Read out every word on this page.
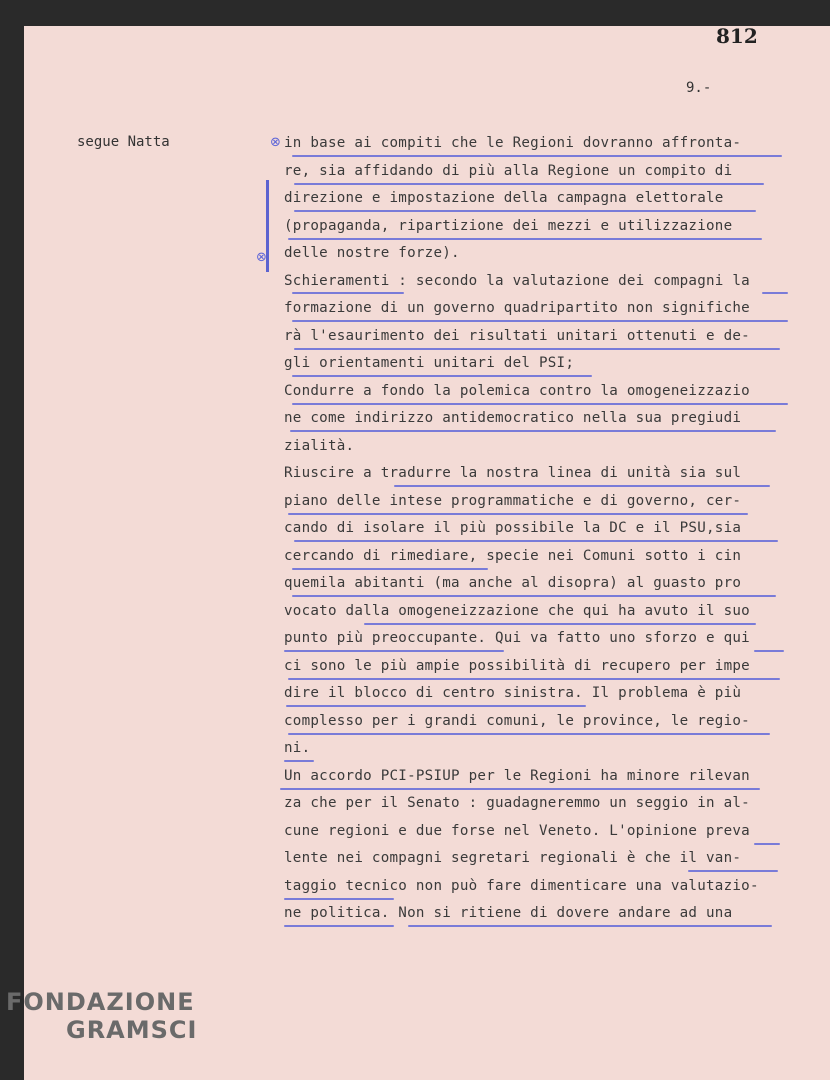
812
9.-
segue Natta	⊗
⊗
in base ai compiti che le Regioni dovranno affronta-
re, sia affidando di più alla Regione un compito di
direzione e impostazione della campagna elettorale
(propaganda, ripartizione dei mezzi e utilizzazione
delle nostre forze).
Schieramenti : secondo la valutazione dei compagni la
formazione di un governo quadripartito non significhe
rà l'esaurimento dei risultati unitari ottenuti e de-
gli orientamenti unitari del PSI;
Condurre a fondo la polemica contro la omogeneizzazio
ne come indirizzo antidemocratico nella sua pregiudi
zialità.
Riuscire a tradurre la nostra linea di unità sia sul
piano delle intese programmatiche e di governo, cer-
cando di isolare il più possibile la DC e il PSU,sia
cercando di rimediare, specie nei Comuni sotto i cin
quemila abitanti (ma anche al disopra) al guasto pro
vocato dalla omogeneizzazione che qui ha avuto il suo
punto più preoccupante. Qui va fatto uno sforzo e qui
ci sono le più ampie possibilità di recupero per impe
dire il blocco di centro sinistra. Il problema è più
complesso per i grandi comuni, le province, le regio-
ni.
Un accordo PCI-PSIUP per le Regioni ha minore rilevan
za che per il Senato : guadagneremmo un seggio in al-
cune regioni e due forse nel Veneto. L'opinione preva
lente nei compagni segretari regionali è che il van-
taggio tecnico non può fare dimenticare una valutazio-
ne politica. Non si ritiene di dovere andare ad una
FONDAZIONE
GRAMSCI
